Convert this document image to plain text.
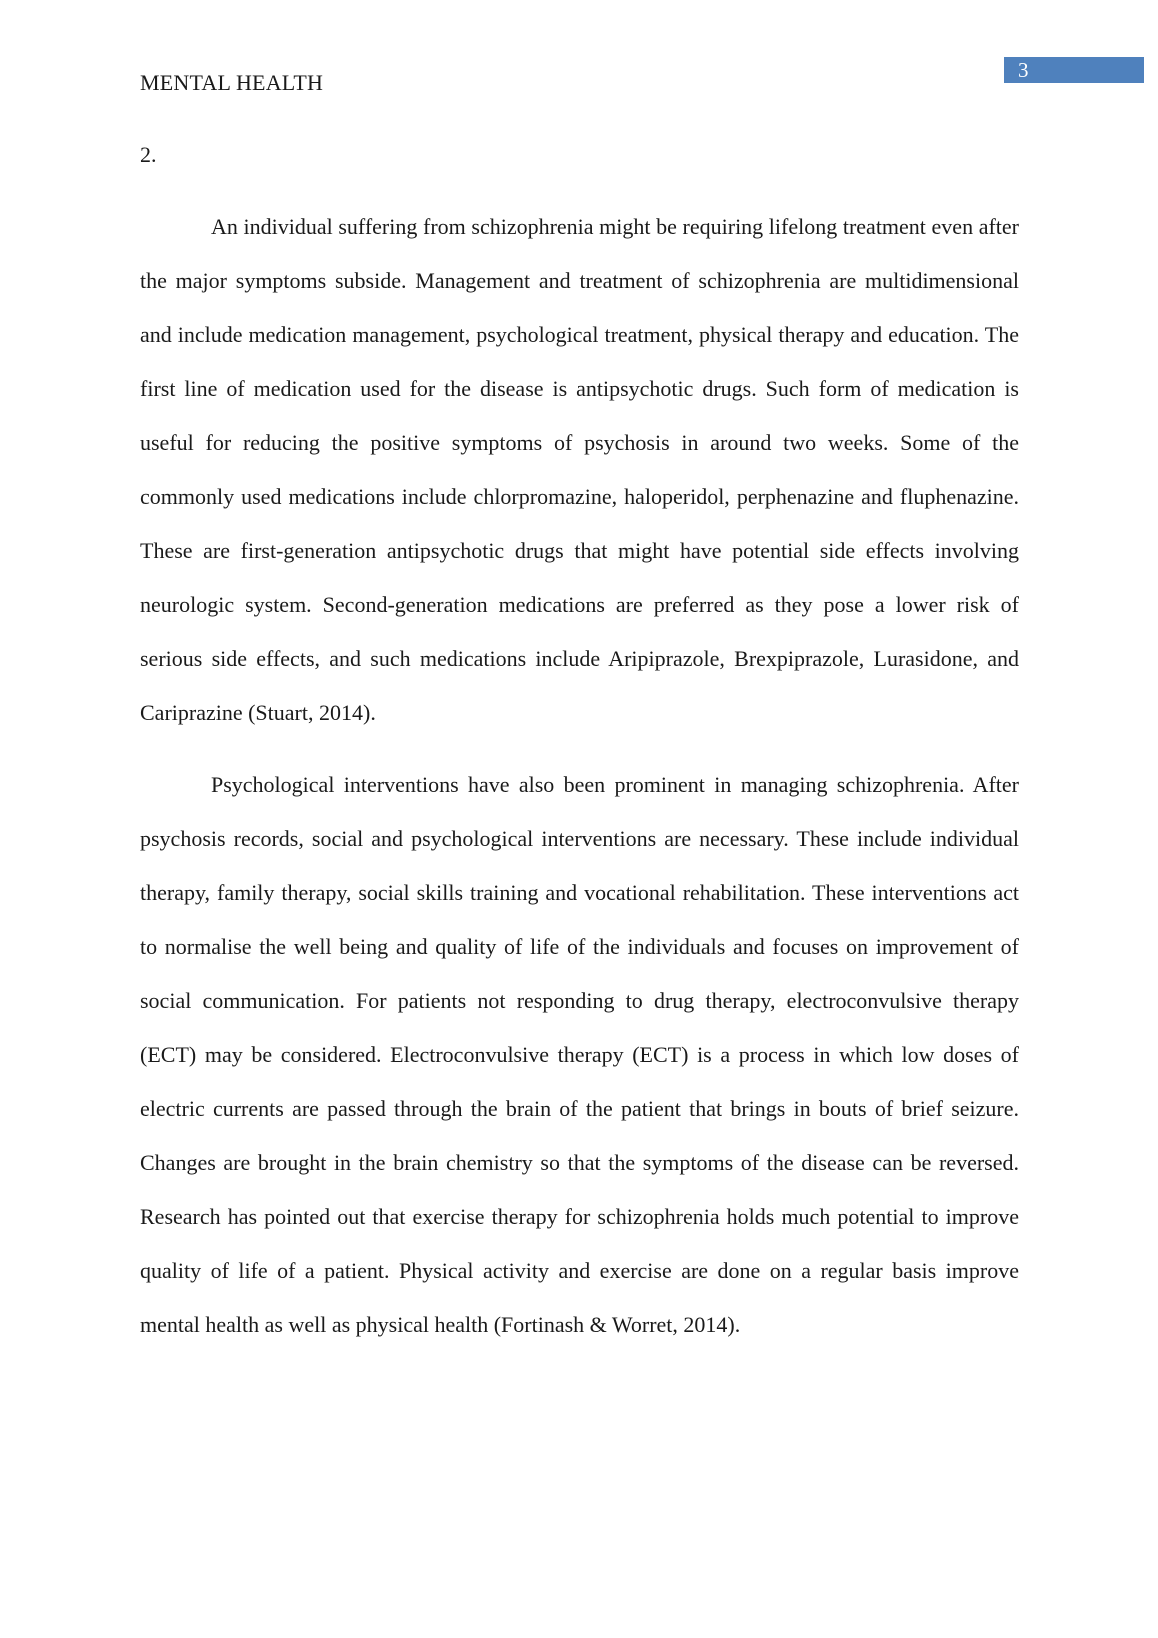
MENTAL HEALTH	3
2.

An individual suffering from schizophrenia might be requiring lifelong treatment even after the major symptoms subside. Management and treatment of schizophrenia are multidimensional and include medication management, psychological treatment, physical therapy and education. The first line of medication used for the disease is antipsychotic drugs. Such form of medication is useful for reducing the positive symptoms of psychosis in around two weeks. Some of the commonly used medications include chlorpromazine, haloperidol, perphenazine and fluphenazine. These are first-generation antipsychotic drugs that might have potential side effects involving neurologic system. Second-generation medications are preferred as they pose a lower risk of serious side effects, and such medications include Aripiprazole, Brexpiprazole, Lurasidone, and Cariprazine (Stuart, 2014).

Psychological interventions have also been prominent in managing schizophrenia. After psychosis records, social and psychological interventions are necessary. These include individual therapy, family therapy, social skills training and vocational rehabilitation. These interventions act to normalise the well being and quality of life of the individuals and focuses on improvement of social communication. For patients not responding to drug therapy, electroconvulsive therapy (ECT) may be considered. Electroconvulsive therapy (ECT) is a process in which low doses of electric currents are passed through the brain of the patient that brings in bouts of brief seizure. Changes are brought in the brain chemistry so that the symptoms of the disease can be reversed. Research has pointed out that exercise therapy for schizophrenia holds much potential to improve quality of life of a patient. Physical activity and exercise are done on a regular basis improve mental health as well as physical health (Fortinash & Worret, 2014).
